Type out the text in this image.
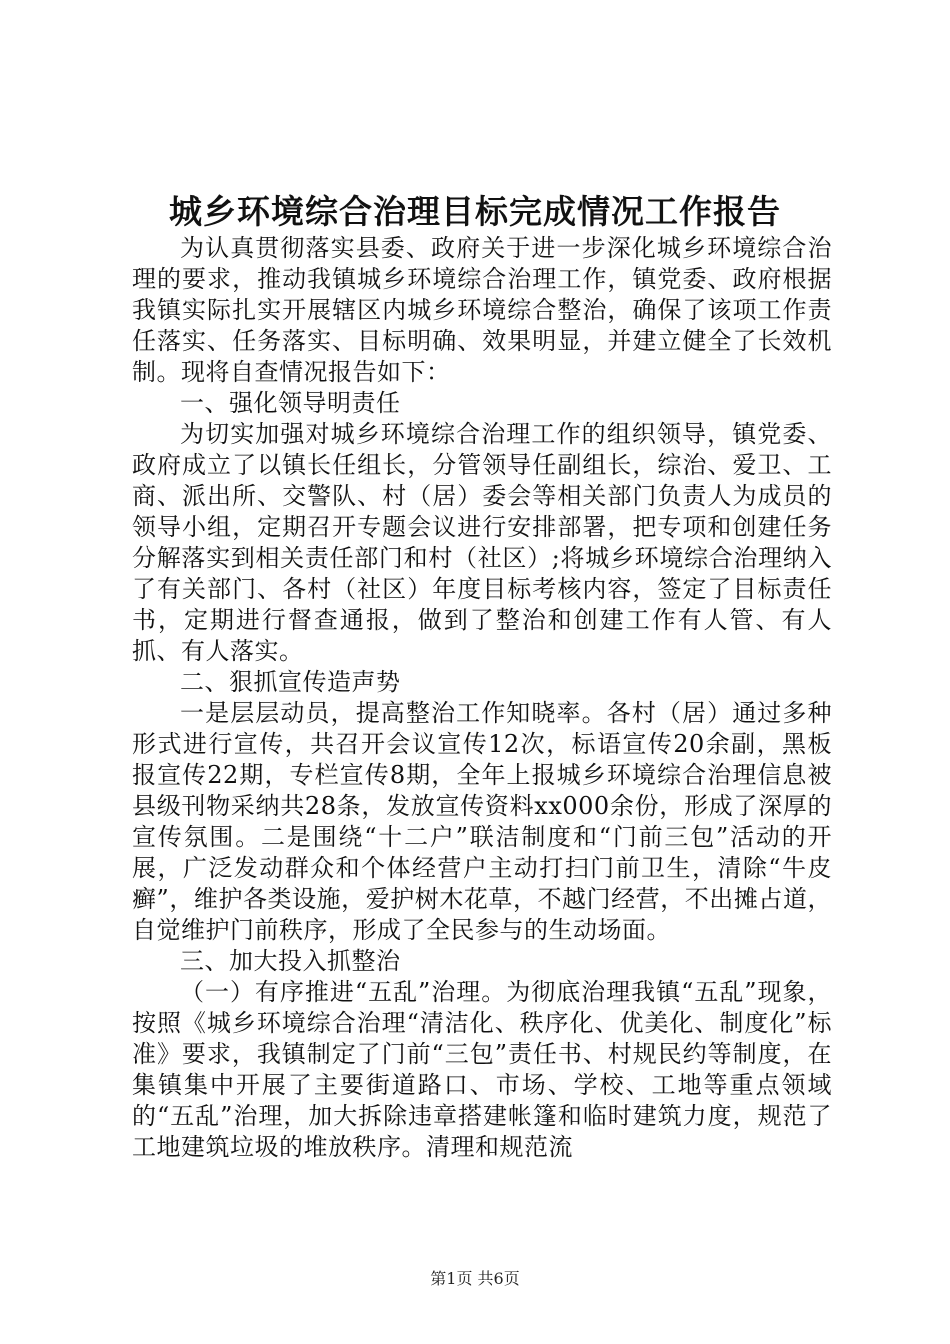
城乡环境综合治理目标完成情况工作报告

为认真贯彻落实县委、政府关于进一步深化城乡环境综合治理的要求，推动我镇城乡环境综合治理工作，镇党委、政府根据我镇实际扎实开展辖区内城乡环境综合整治，确保了该项工作责任落实、任务落实、目标明确、效果明显，并建立健全了长效机制。现将自查情况报告如下：

一、强化领导明责任

为切实加强对城乡环境综合治理工作的组织领导，镇党委、政府成立了以镇长任组长，分管领导任副组长，综治、爱卫、工商、派出所、交警队、村（居）委会等相关部门负责人为成员的领导小组，定期召开专题会议进行安排部署，把专项和创建任务分解落实到相关责任部门和村（社区）;将城乡环境综合治理纳入了有关部门、各村（社区）年度目标考核内容，签定了目标责任书，定期进行督查通报，做到了整治和创建工作有人管、有人抓、有人落实。

二、狠抓宣传造声势

一是层层动员，提高整治工作知晓率。各村（居）通过多种形式进行宣传，共召开会议宣传12次，标语宣传20余副，黑板报宣传22期，专栏宣传8期，全年上报城乡环境综合治理信息被县级刊物采纳共28条，发放宣传资料xx000余份，形成了深厚的宣传氛围。二是围绕“十二户”联洁制度和“门前三包”活动的开展，广泛发动群众和个体经营户主动打扫门前卫生，清除“牛皮癣”，维护各类设施，爱护树木花草，不越门经营，不出摊占道，自觉维护门前秩序，形成了全民参与的生动场面。

三、加大投入抓整治

（一）有序推进“五乱”治理。为彻底治理我镇“五乱”现象，按照《城乡环境综合治理“清洁化、秩序化、优美化、制度化”标准》要求，我镇制定了门前“三包”责任书、村规民约等制度，在集镇集中开展了主要街道路口、市场、学校、工地等重点领域的“五乱”治理，加大拆除违章搭建帐篷和临时建筑力度，规范了工地建筑垃圾的堆放秩序。清理和规范流

第1页 共6页
